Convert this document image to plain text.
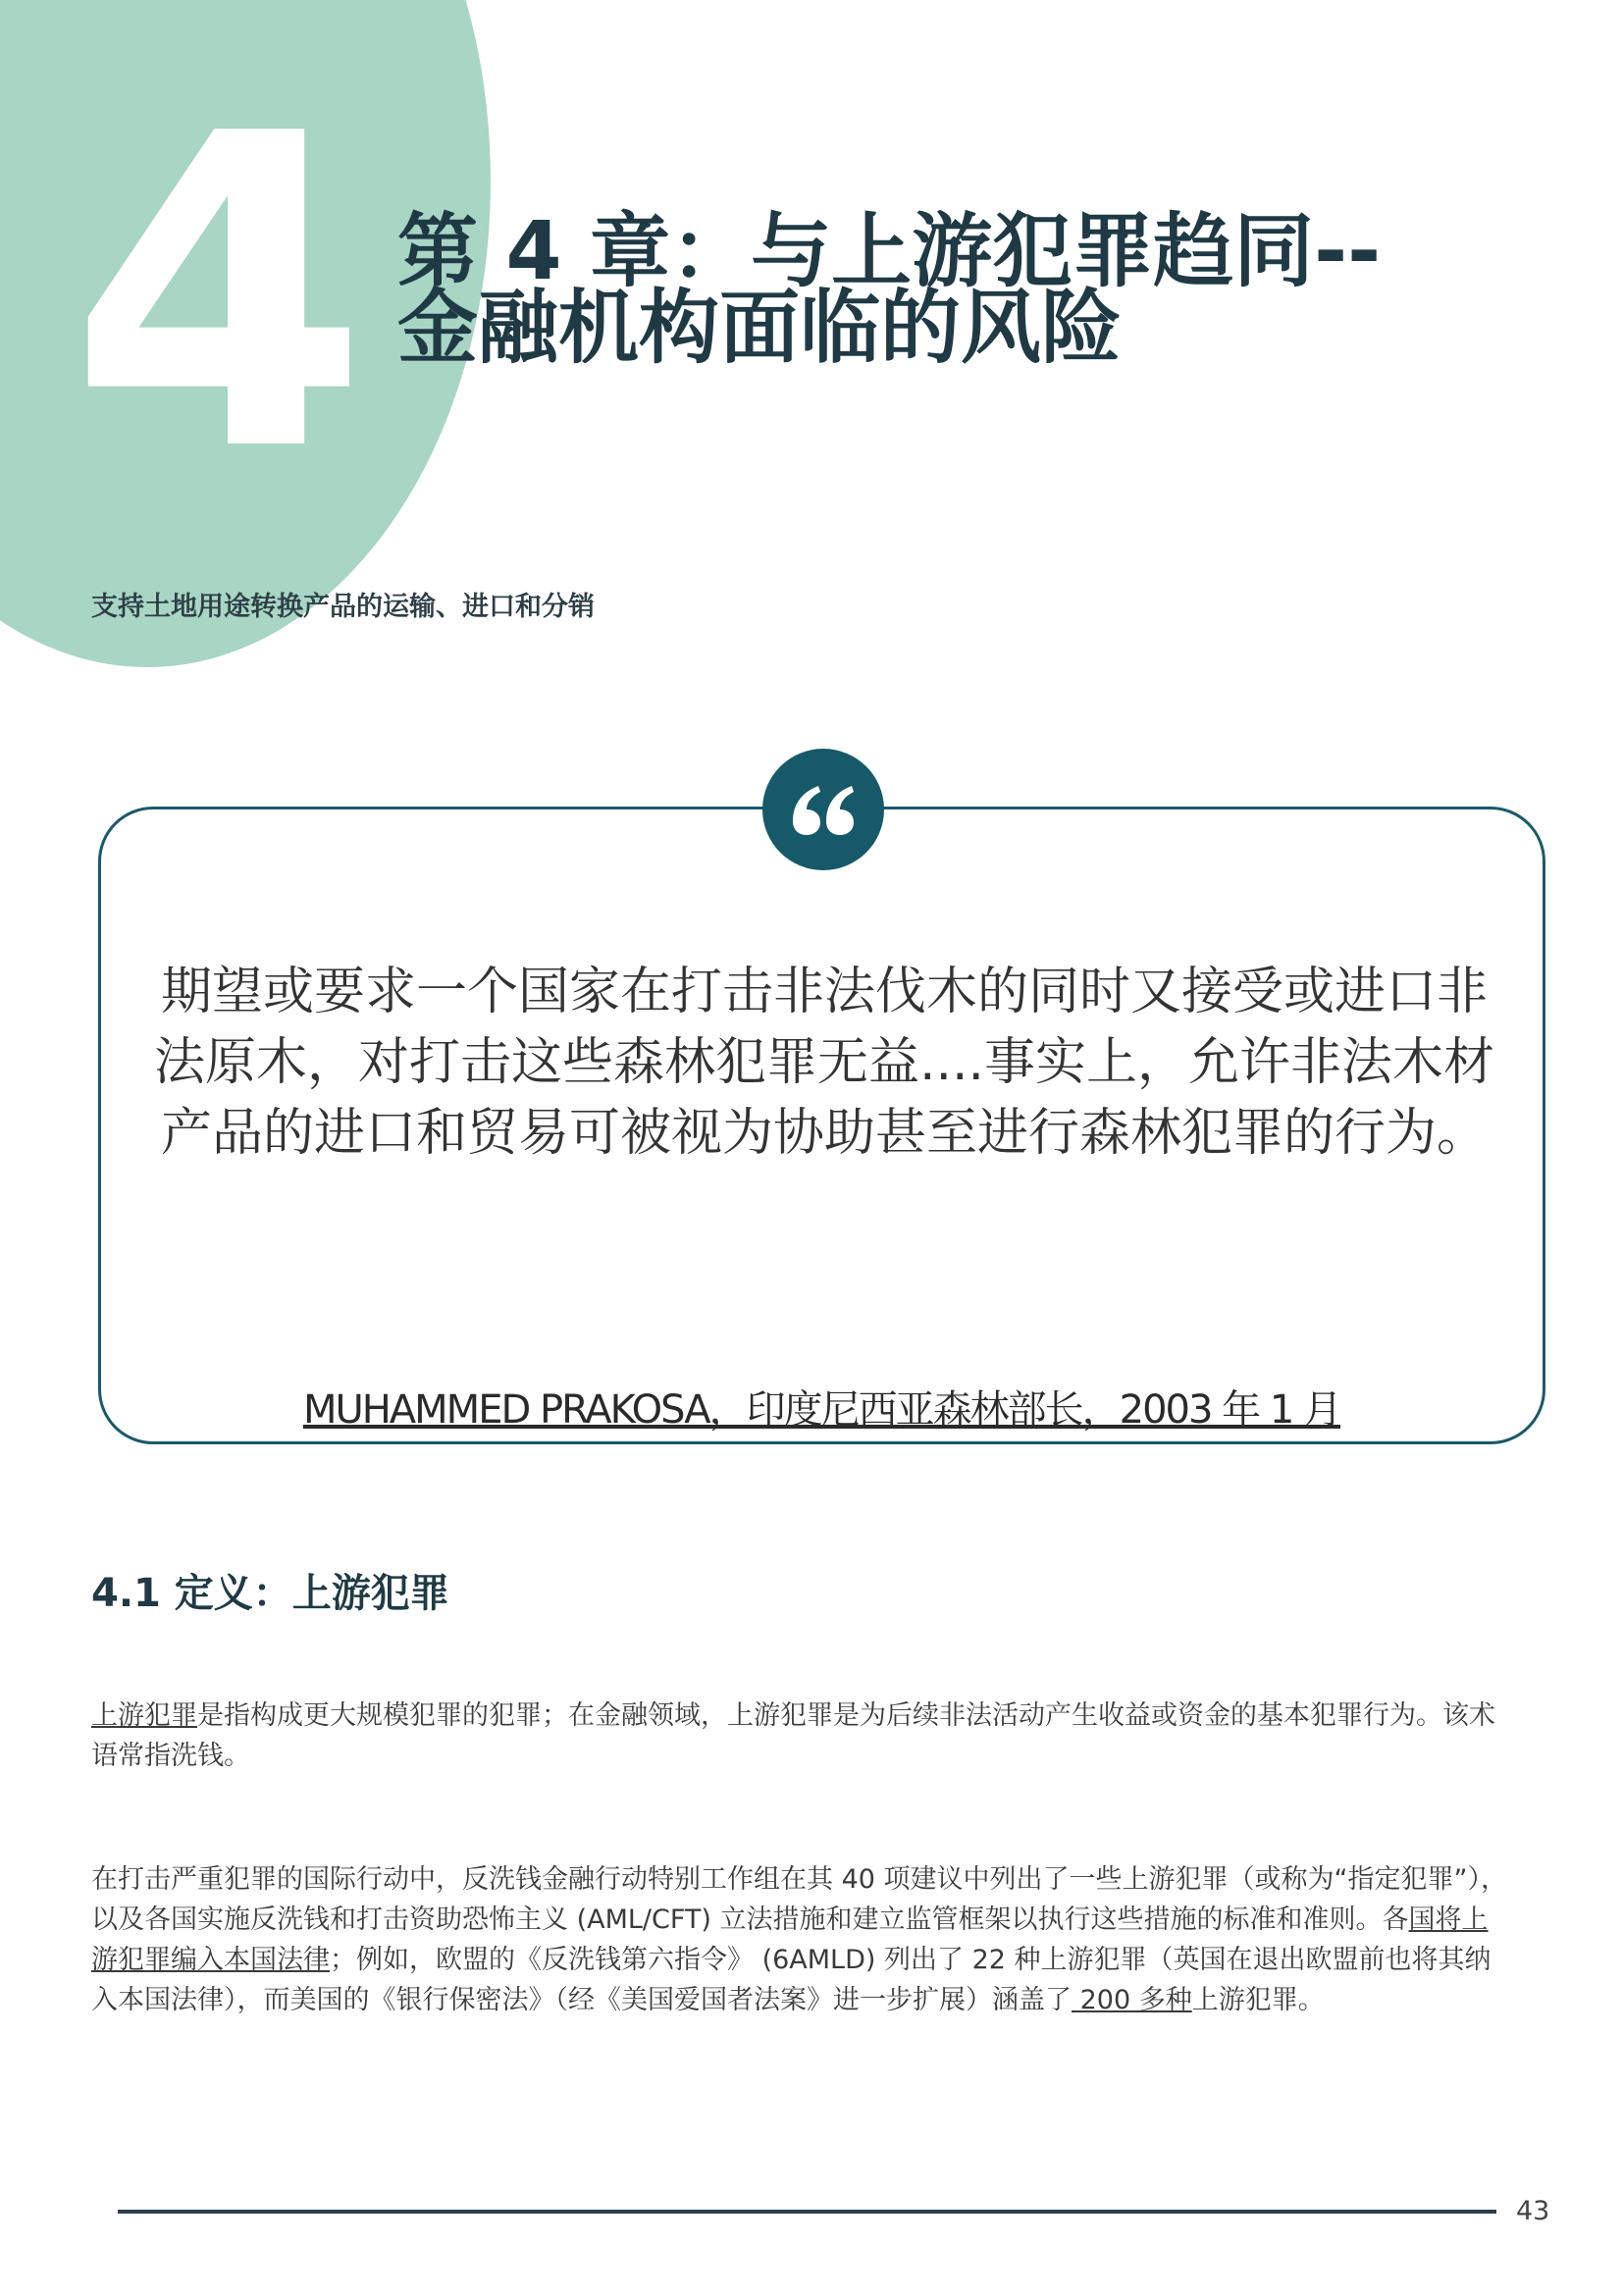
4 第 4 章：与上游犯罪趋同--
金融机构面临的风险

支持土地用途转换产品的运输、进口和分销

期望或要求一个国家在打击非法伐木的同时又接受或进口非法原木，对打击这些森林犯罪无益....事实上，允许非法木材产品的进口和贸易可被视为协助甚至进行森林犯罪的行为。

MUHAMMED PRAKOSA，印度尼西亚森林部长，2003 年 1 月

4.1 定义：上游犯罪

上游犯罪是指构成更大规模犯罪的犯罪；在金融领域，上游犯罪是为后续非法活动产生收益或资金的基本犯罪行为。该术语常指洗钱。

在打击严重犯罪的国际行动中，反洗钱金融行动特别工作组在其 40 项建议中列出了一些上游犯罪（或称为“指定犯罪”），以及各国实施反洗钱和打击资助恐怖主义 (AML/CFT) 立法措施和建立监管框架以执行这些措施的标准和准则。各国将上游犯罪编入本国法律；例如，欧盟的《反洗钱第六指令》 (6AMLD) 列出了 22 种上游犯罪（英国在退出欧盟前也将其纳入本国法律），而美国的《银行保密法》（经《美国爱国者法案》进一步扩展）涵盖了 200 多种上游犯罪。

43
